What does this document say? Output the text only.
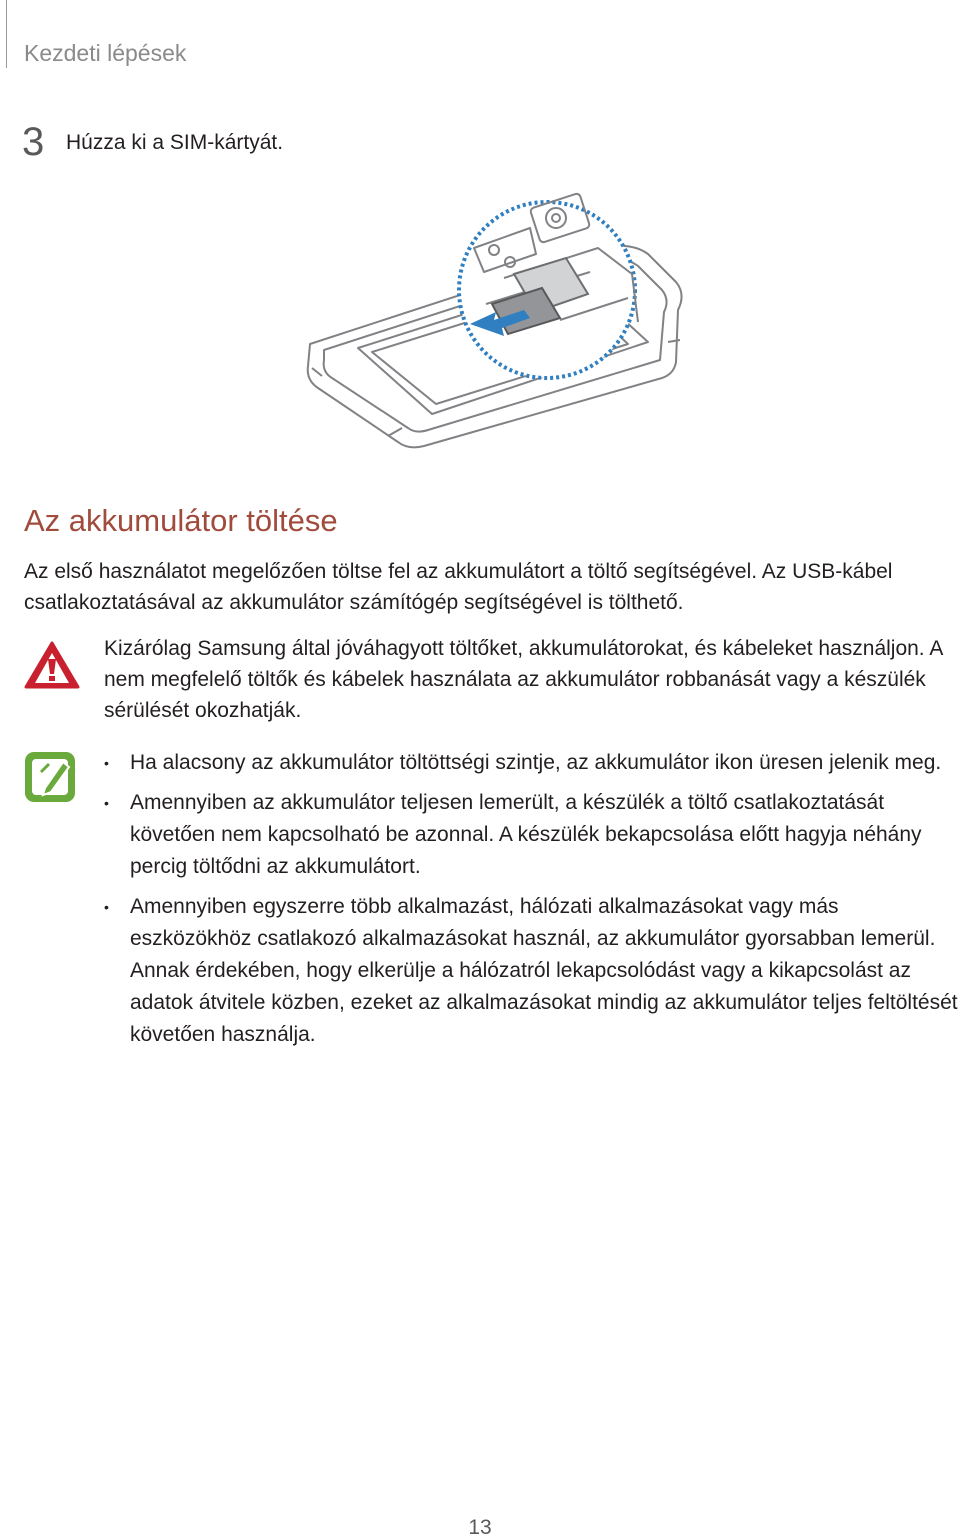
Kezdeti lépések
3 Húzza ki a SIM-kártyát.
Az akkumulátor töltése

Az első használatot megelőzően töltse fel az akkumulátort a töltő segítségével. Az USB-kábel csatlakoztatásával az akkumulátor számítógép segítségével is tölthető.

Kizárólag Samsung által jóváhagyott töltőket, akkumulátorokat, és kábeleket használjon. A nem megfelelő töltők és kábelek használata az akkumulátor robbanását vagy a készülék sérülését okozhatják.

• Ha alacsony az akkumulátor töltöttségi szintje, az akkumulátor ikon üresen jelenik meg.
• Amennyiben az akkumulátor teljesen lemerült, a készülék a töltő csatlakoztatását követően nem kapcsolható be azonnal. A készülék bekapcsolása előtt hagyja néhány percig töltődni az akkumulátort.
• Amennyiben egyszerre több alkalmazást, hálózati alkalmazásokat vagy más eszközökhöz csatlakozó alkalmazásokat használ, az akkumulátor gyorsabban lemerül. Annak érdekében, hogy elkerülje a hálózatról lekapcsolódást vagy a kikapcsolást az adatok átvitele közben, ezeket az alkalmazásokat mindig az akkumulátor teljes feltöltését követően használja.
13
